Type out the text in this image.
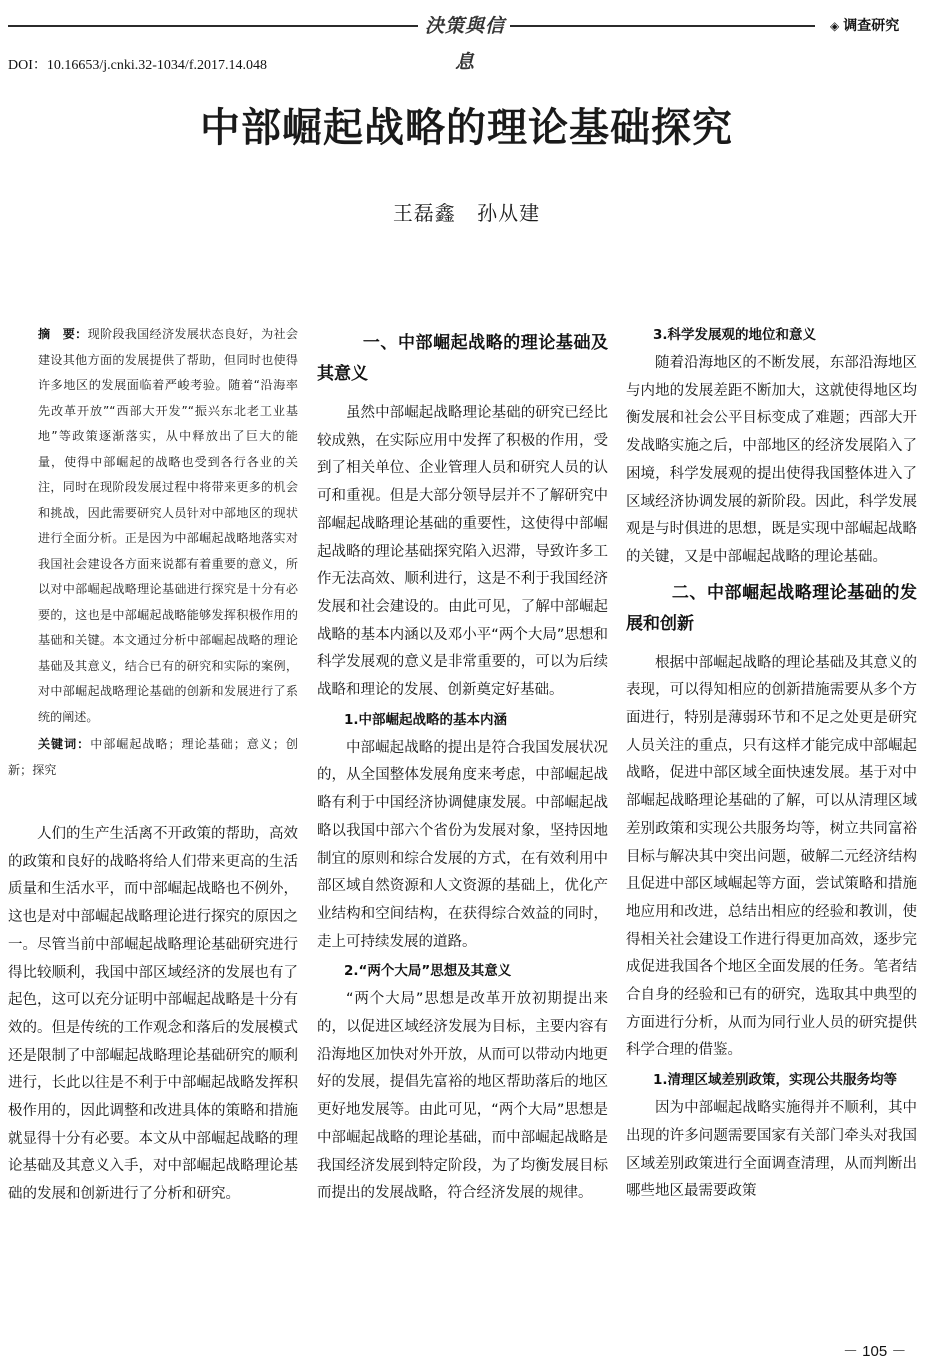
決策與信息
◈ 调查研究
DOI：10.16653/j.cnki.32-1034/f.2017.14.048
中部崛起战略的理论基础探究

王磊鑫 孙从建

摘　要：现阶段我国经济发展状态良好，为社会建设其他方面的发展提供了帮助，但同时也使得许多地区的发展面临着严峻考验。随着“沿海率先改革开放”“西部大开发”“振兴东北老工业基地”等政策逐渐落实，从中释放出了巨大的能量，使得中部崛起的战略也受到各行各业的关注，同时在现阶段发展过程中将带来更多的机会和挑战，因此需要研究人员针对中部地区的现状进行全面分析。正是因为中部崛起战略地落实对我国社会建设各方面来说都有着重要的意义，所以对中部崛起战略理论基础进行探究是十分有必要的，这也是中部崛起战略能够发挥积极作用的基础和关键。本文通过分析中部崛起战略的理论基础及其意义，结合已有的研究和实际的案例，对中部崛起战略理论基础的创新和发展进行了系统的阐述。
关键词：中部崛起战略；理论基础；意义；创新；探究

人们的生产生活离不开政策的帮助，高效的政策和良好的战略将给人们带来更高的生活质量和生活水平，而中部崛起战略也不例外，这也是对中部崛起战略理论进行探究的原因之一。尽管当前中部崛起战略理论基础研究进行得比较顺利，我国中部区域经济的发展也有了起色，这可以充分证明中部崛起战略是十分有效的。但是传统的工作观念和落后的发展模式还是限制了中部崛起战略理论基础研究的顺利进行，长此以往是不利于中部崛起战略发挥积极作用的，因此调整和改进具体的策略和措施就显得十分有必要。本文从中部崛起战略的理论基础及其意义入手，对中部崛起战略理论基础的发展和创新进行了分析和研究。

一、中部崛起战略的理论基础及其意义

虽然中部崛起战略理论基础的研究已经比较成熟，在实际应用中发挥了积极的作用，受到了相关单位、企业管理人员和研究人员的认可和重视。但是大部分领导层并不了解研究中部崛起战略理论基础的重要性，这使得中部崛起战略的理论基础探究陷入迟滞，导致许多工作无法高效、顺利进行，这是不利于我国经济发展和社会建设的。由此可见，了解中部崛起战略的基本内涵以及邓小平“两个大局”思想和科学发展观的意义是非常重要的，可以为后续战略和理论的发展、创新奠定好基础。

1.中部崛起战略的基本内涵

中部崛起战略的提出是符合我国发展状况的，从全国整体发展角度来考虑，中部崛起战略有利于中国经济协调健康发展。中部崛起战略以我国中部六个省份为发展对象，坚持因地制宜的原则和综合发展的方式，在有效利用中部区域自然资源和人文资源的基础上，优化产业结构和空间结构，在获得综合效益的同时，走上可持续发展的道路。

2.“两个大局”思想及其意义

“两个大局”思想是改革开放初期提出来的，以促进区域经济发展为目标，主要内容有沿海地区加快对外开放，从而可以带动内地更好的发展，提倡先富裕的地区帮助落后的地区更好地发展等。由此可见，“两个大局”思想是中部崛起战略的理论基础，而中部崛起战略是我国经济发展到特定阶段，为了均衡发展目标而提出的发展战略，符合经济发展的规律。

3.科学发展观的地位和意义

随着沿海地区的不断发展，东部沿海地区与内地的发展差距不断加大，这就使得地区均衡发展和社会公平目标变成了难题；西部大开发战略实施之后，中部地区的经济发展陷入了困境，科学发展观的提出使得我国整体进入了区域经济协调发展的新阶段。因此，科学发展观是与时俱进的思想，既是实现中部崛起战略的关键，又是中部崛起战略的理论基础。

二、中部崛起战略理论基础的发展和创新

根据中部崛起战略的理论基础及其意义的表现，可以得知相应的创新措施需要从多个方面进行，特别是薄弱环节和不足之处更是研究人员关注的重点，只有这样才能完成中部崛起战略，促进中部区域全面快速发展。基于对中部崛起战略理论基础的了解，可以从清理区域差别政策和实现公共服务均等，树立共同富裕目标与解决其中突出问题，破解二元经济结构且促进中部区域崛起等方面，尝试策略和措施地应用和改进，总结出相应的经验和教训，使得相关社会建设工作进行得更加高效，逐步完成促进我国各个地区全面发展的任务。笔者结合自身的经验和已有的研究，选取其中典型的方面进行分析，从而为同行业人员的研究提供科学合理的借鉴。

1.清理区域差别政策，实现公共服务均等

因为中部崛起战略实施得并不顺利，其中出现的许多问题需要国家有关部门牵头对我国区域差别政策进行全面调查清理，从而判断出哪些地区最需要政策

－ 105 －
